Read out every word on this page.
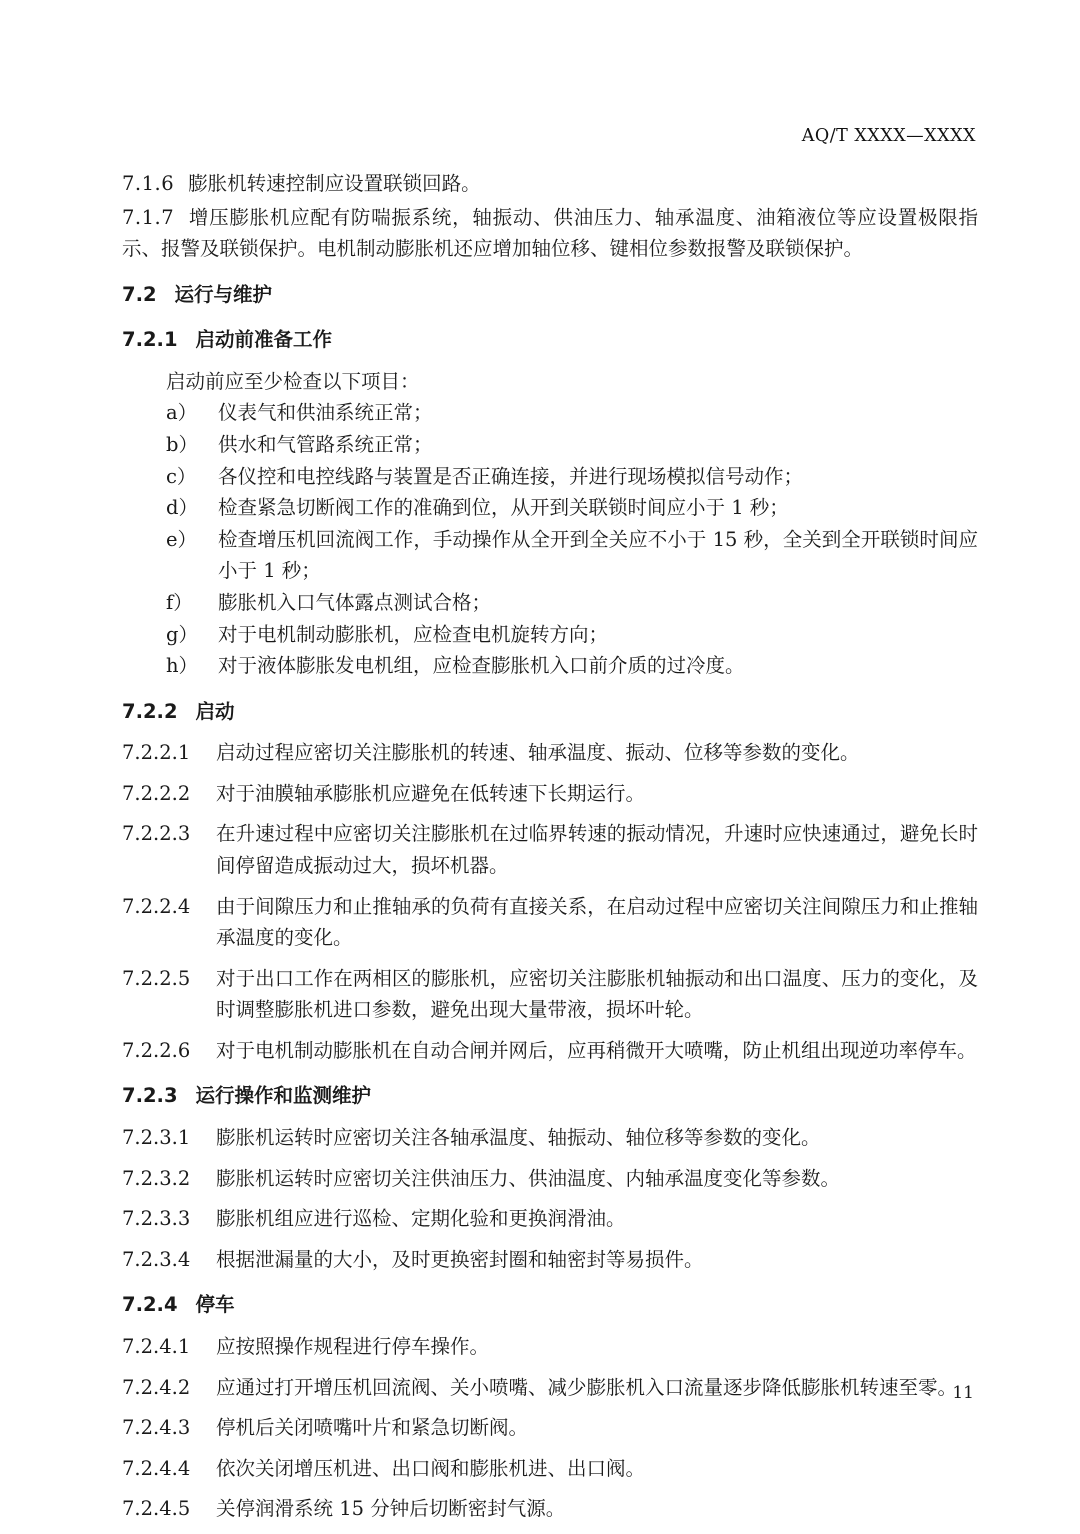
AQ/T XXXX—XXXX

7.1.6 膨胀机转速控制应设置联锁回路。

7.1.7 增压膨胀机应配有防喘振系统，轴振动、供油压力、轴承温度、油箱液位等应设置极限指示、报警及联锁保护。电机制动膨胀机还应增加轴位移、键相位参数报警及联锁保护。

7.2 运行与维护

7.2.1 启动前准备工作

启动前应至少检查以下项目：

a）	仪表气和供油系统正常；
b）	供水和气管路系统正常；
c）	各仪控和电控线路与装置是否正确连接，并进行现场模拟信号动作；
d）	检查紧急切断阀工作的准确到位，从开到关联锁时间应小于 1 秒；
e）	检查增压机回流阀工作，手动操作从全开到全关应不小于 15 秒，全关到全开联锁时间应小于 1 秒；
f）	膨胀机入口气体露点测试合格；
g）	对于电机制动膨胀机，应检查电机旋转方向；
h）	对于液体膨胀发电机组，应检查膨胀机入口前介质的过冷度。

7.2.2 启动

7.2.2.1 启动过程应密切关注膨胀机的转速、轴承温度、振动、位移等参数的变化。

7.2.2.2 对于油膜轴承膨胀机应避免在低转速下长期运行。

7.2.2.3 在升速过程中应密切关注膨胀机在过临界转速的振动情况，升速时应快速通过，避免长时间停留造成振动过大，损坏机器。

7.2.2.4 由于间隙压力和止推轴承的负荷有直接关系，在启动过程中应密切关注间隙压力和止推轴承温度的变化。

7.2.2.5 对于出口工作在两相区的膨胀机，应密切关注膨胀机轴振动和出口温度、压力的变化，及时调整膨胀机进口参数，避免出现大量带液，损坏叶轮。

7.2.2.6 对于电机制动膨胀机在自动合闸并网后，应再稍微开大喷嘴，防止机组出现逆功率停车。

7.2.3 运行操作和监测维护

7.2.3.1 膨胀机运转时应密切关注各轴承温度、轴振动、轴位移等参数的变化。

7.2.3.2 膨胀机运转时应密切关注供油压力、供油温度、内轴承温度变化等参数。

7.2.3.3 膨胀机组应进行巡检、定期化验和更换润滑油。

7.2.3.4 根据泄漏量的大小，及时更换密封圈和轴密封等易损件。

7.2.4 停车

7.2.4.1 应按照操作规程进行停车操作。

7.2.4.2 应通过打开增压机回流阀、关小喷嘴、减少膨胀机入口流量逐步降低膨胀机转速至零。

7.2.4.3 停机后关闭喷嘴叶片和紧急切断阀。

7.2.4.4 依次关闭增压机进、出口阀和膨胀机进、出口阀。

7.2.4.5 关停润滑系统 15 分钟后切断密封气源。

11
